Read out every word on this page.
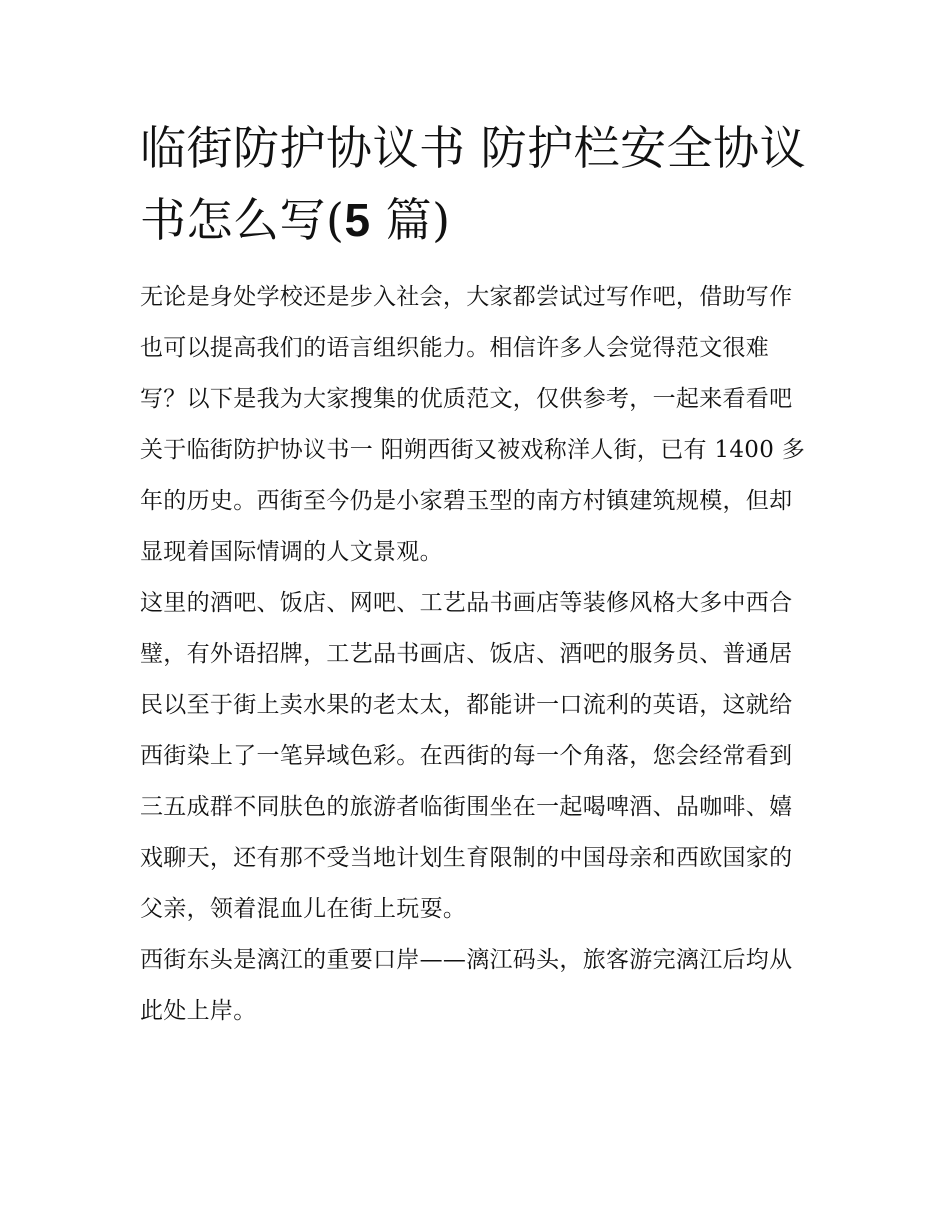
临街防护协议书 防护栏安全协议书怎么写(5 篇)

无论是身处学校还是步入社会，大家都尝试过写作吧，借助写作也可以提高我们的语言组织能力。相信许多人会觉得范文很难写？以下是我为大家搜集的优质范文，仅供参考，一起来看看吧

关于临街防护协议书一 阳朔西街又被戏称洋人街，已有 1400 多年的历史。西街至今仍是小家碧玉型的南方村镇建筑规模，但却显现着国际情调的人文景观。

这里的酒吧、饭店、网吧、工艺品书画店等装修风格大多中西合璧，有外语招牌，工艺品书画店、饭店、酒吧的服务员、普通居民以至于街上卖水果的老太太，都能讲一口流利的英语，这就给西街染上了一笔异域色彩。在西街的每一个角落，您会经常看到三五成群不同肤色的旅游者临街围坐在一起喝啤酒、品咖啡、嬉戏聊天，还有那不受当地计划生育限制的中国母亲和西欧国家的父亲，领着混血儿在街上玩耍。

西街东头是漓江的重要口岸——漓江码头，旅客游完漓江后均从此处上岸。
